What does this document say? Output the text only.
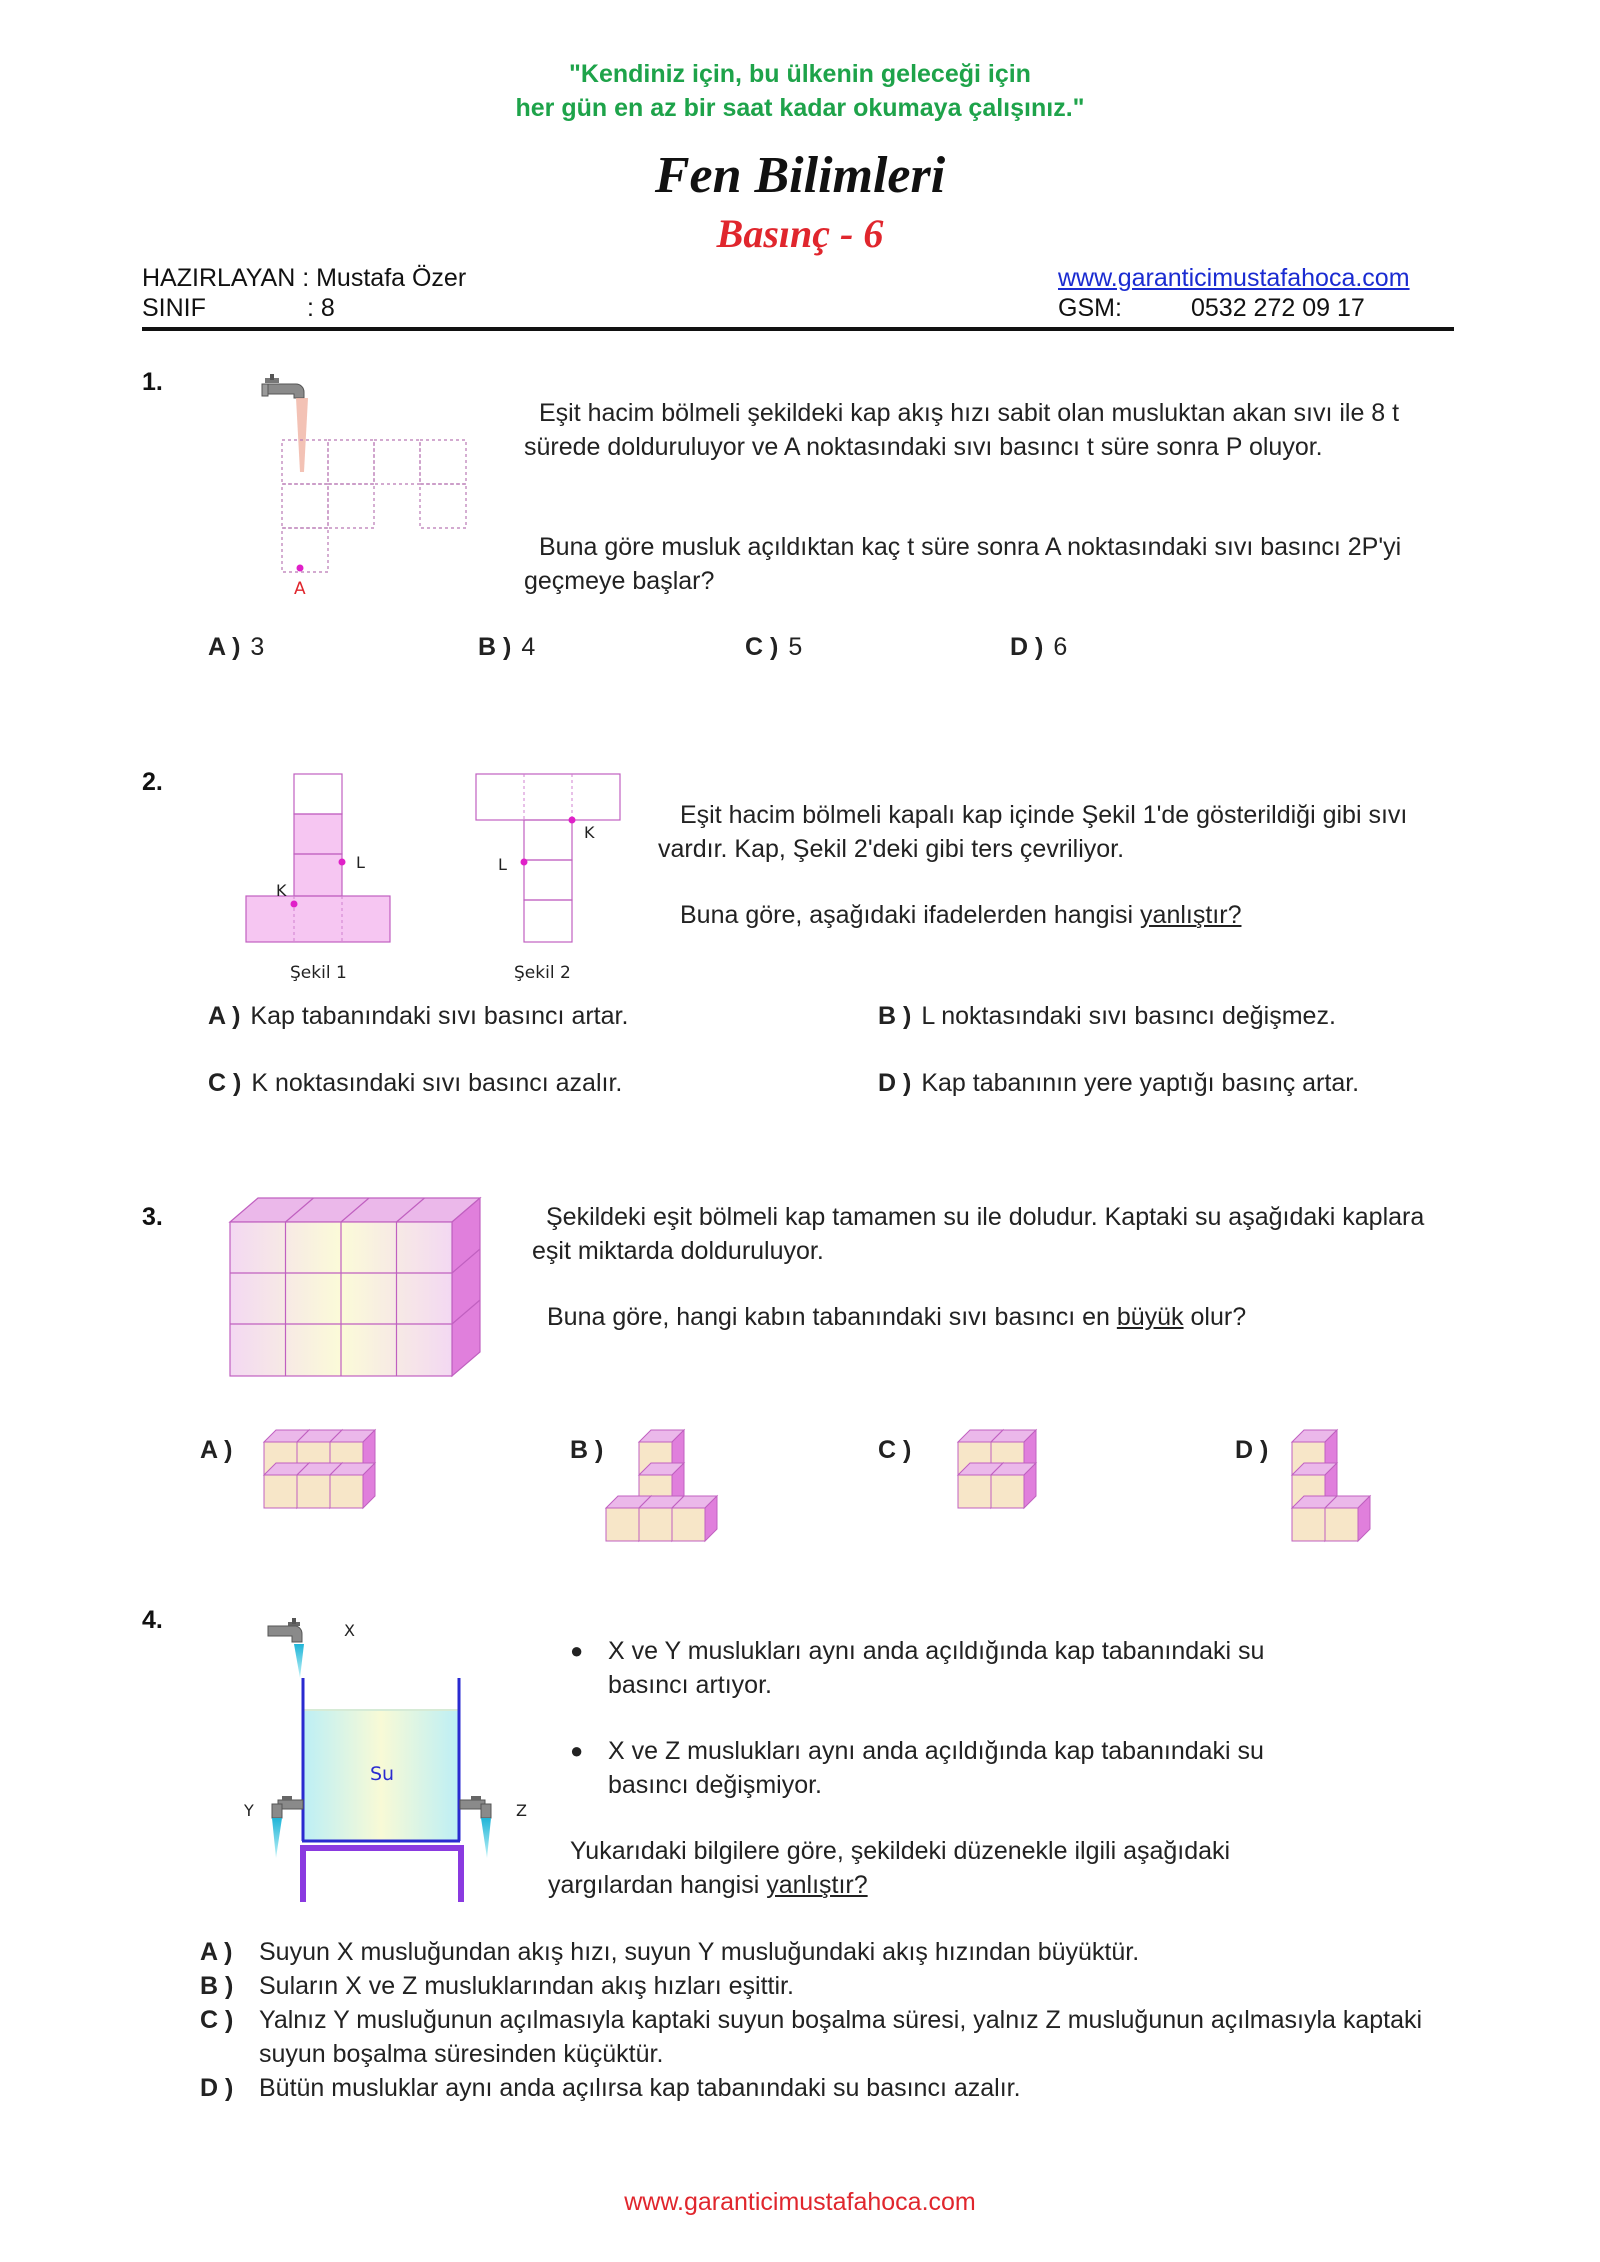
"Kendiniz için, bu ülkenin geleceği için
her gün en az bir saat kadar okumaya çalışınız."
Fen Bilimleri
Basınç - 6
HAZIRLAYAN : Mustafa Özer
SINIF	: 8
www.garanticimustafahoca.com
GSM:	0532 272 09 17
1.
A
Eşit hacim bölmeli şekildeki kap akış hızı sabit olan musluktan akan sıvı ile 8 t sürede dolduruluyor ve A noktasındaki sıvı basıncı t süre sonra P oluyor.
Buna göre musluk açıldıktan kaç t süre sonra A noktasındaki sıvı basıncı 2P'yi geçmeye başlar?
A ) 3	B ) 4	C ) 5	D ) 6
2.
L
K
Şekil 1
K
L
Şekil 2
Eşit hacim bölmeli kapalı kap içinde Şekil 1'de gösterildiği gibi sıvı vardır. Kap, Şekil 2'deki gibi ters çevriliyor.
Buna göre, aşağıdaki ifadelerden hangisi yanlıştır?
A ) Kap tabanındaki sıvı basıncı artar.	B ) L noktasındaki sıvı basıncı değişmez.
C ) K noktasındaki sıvı basıncı azalır.	D ) Kap tabanının yere yaptığı basınç artar.
3.	Şekildeki eşit bölmeli kap tamamen su ile doludur. Kaptaki su aşağıdaki kaplara eşit miktarda dolduruluyor.
Buna göre, hangi kabın tabanındaki sıvı basıncı en büyük olur?
A )	B )	C )	D )
4.	X
Su
Y	Z
● X ve Y muslukları aynı anda açıldığında kap tabanındaki su basıncı artıyor.
● X ve Z muslukları aynı anda açıldığında kap tabanındaki su basıncı değişmiyor.
Yukarıdaki bilgilere göre, şekildeki düzenekle ilgili aşağıdaki yargılardan hangisi yanlıştır?
A ) Suyun X musluğundan akış hızı, suyun Y musluğundaki akış hızından büyüktür.
B ) Suların X ve Z musluklarından akış hızları eşittir.
C ) Yalnız Y musluğunun açılmasıyla kaptaki suyun boşalma süresi, yalnız Z musluğunun açılmasıyla kaptaki suyun boşalma süresinden küçüktür.
D ) Bütün musluklar aynı anda açılırsa kap tabanındaki su basıncı azalır.
www.garanticimustafahoca.com
